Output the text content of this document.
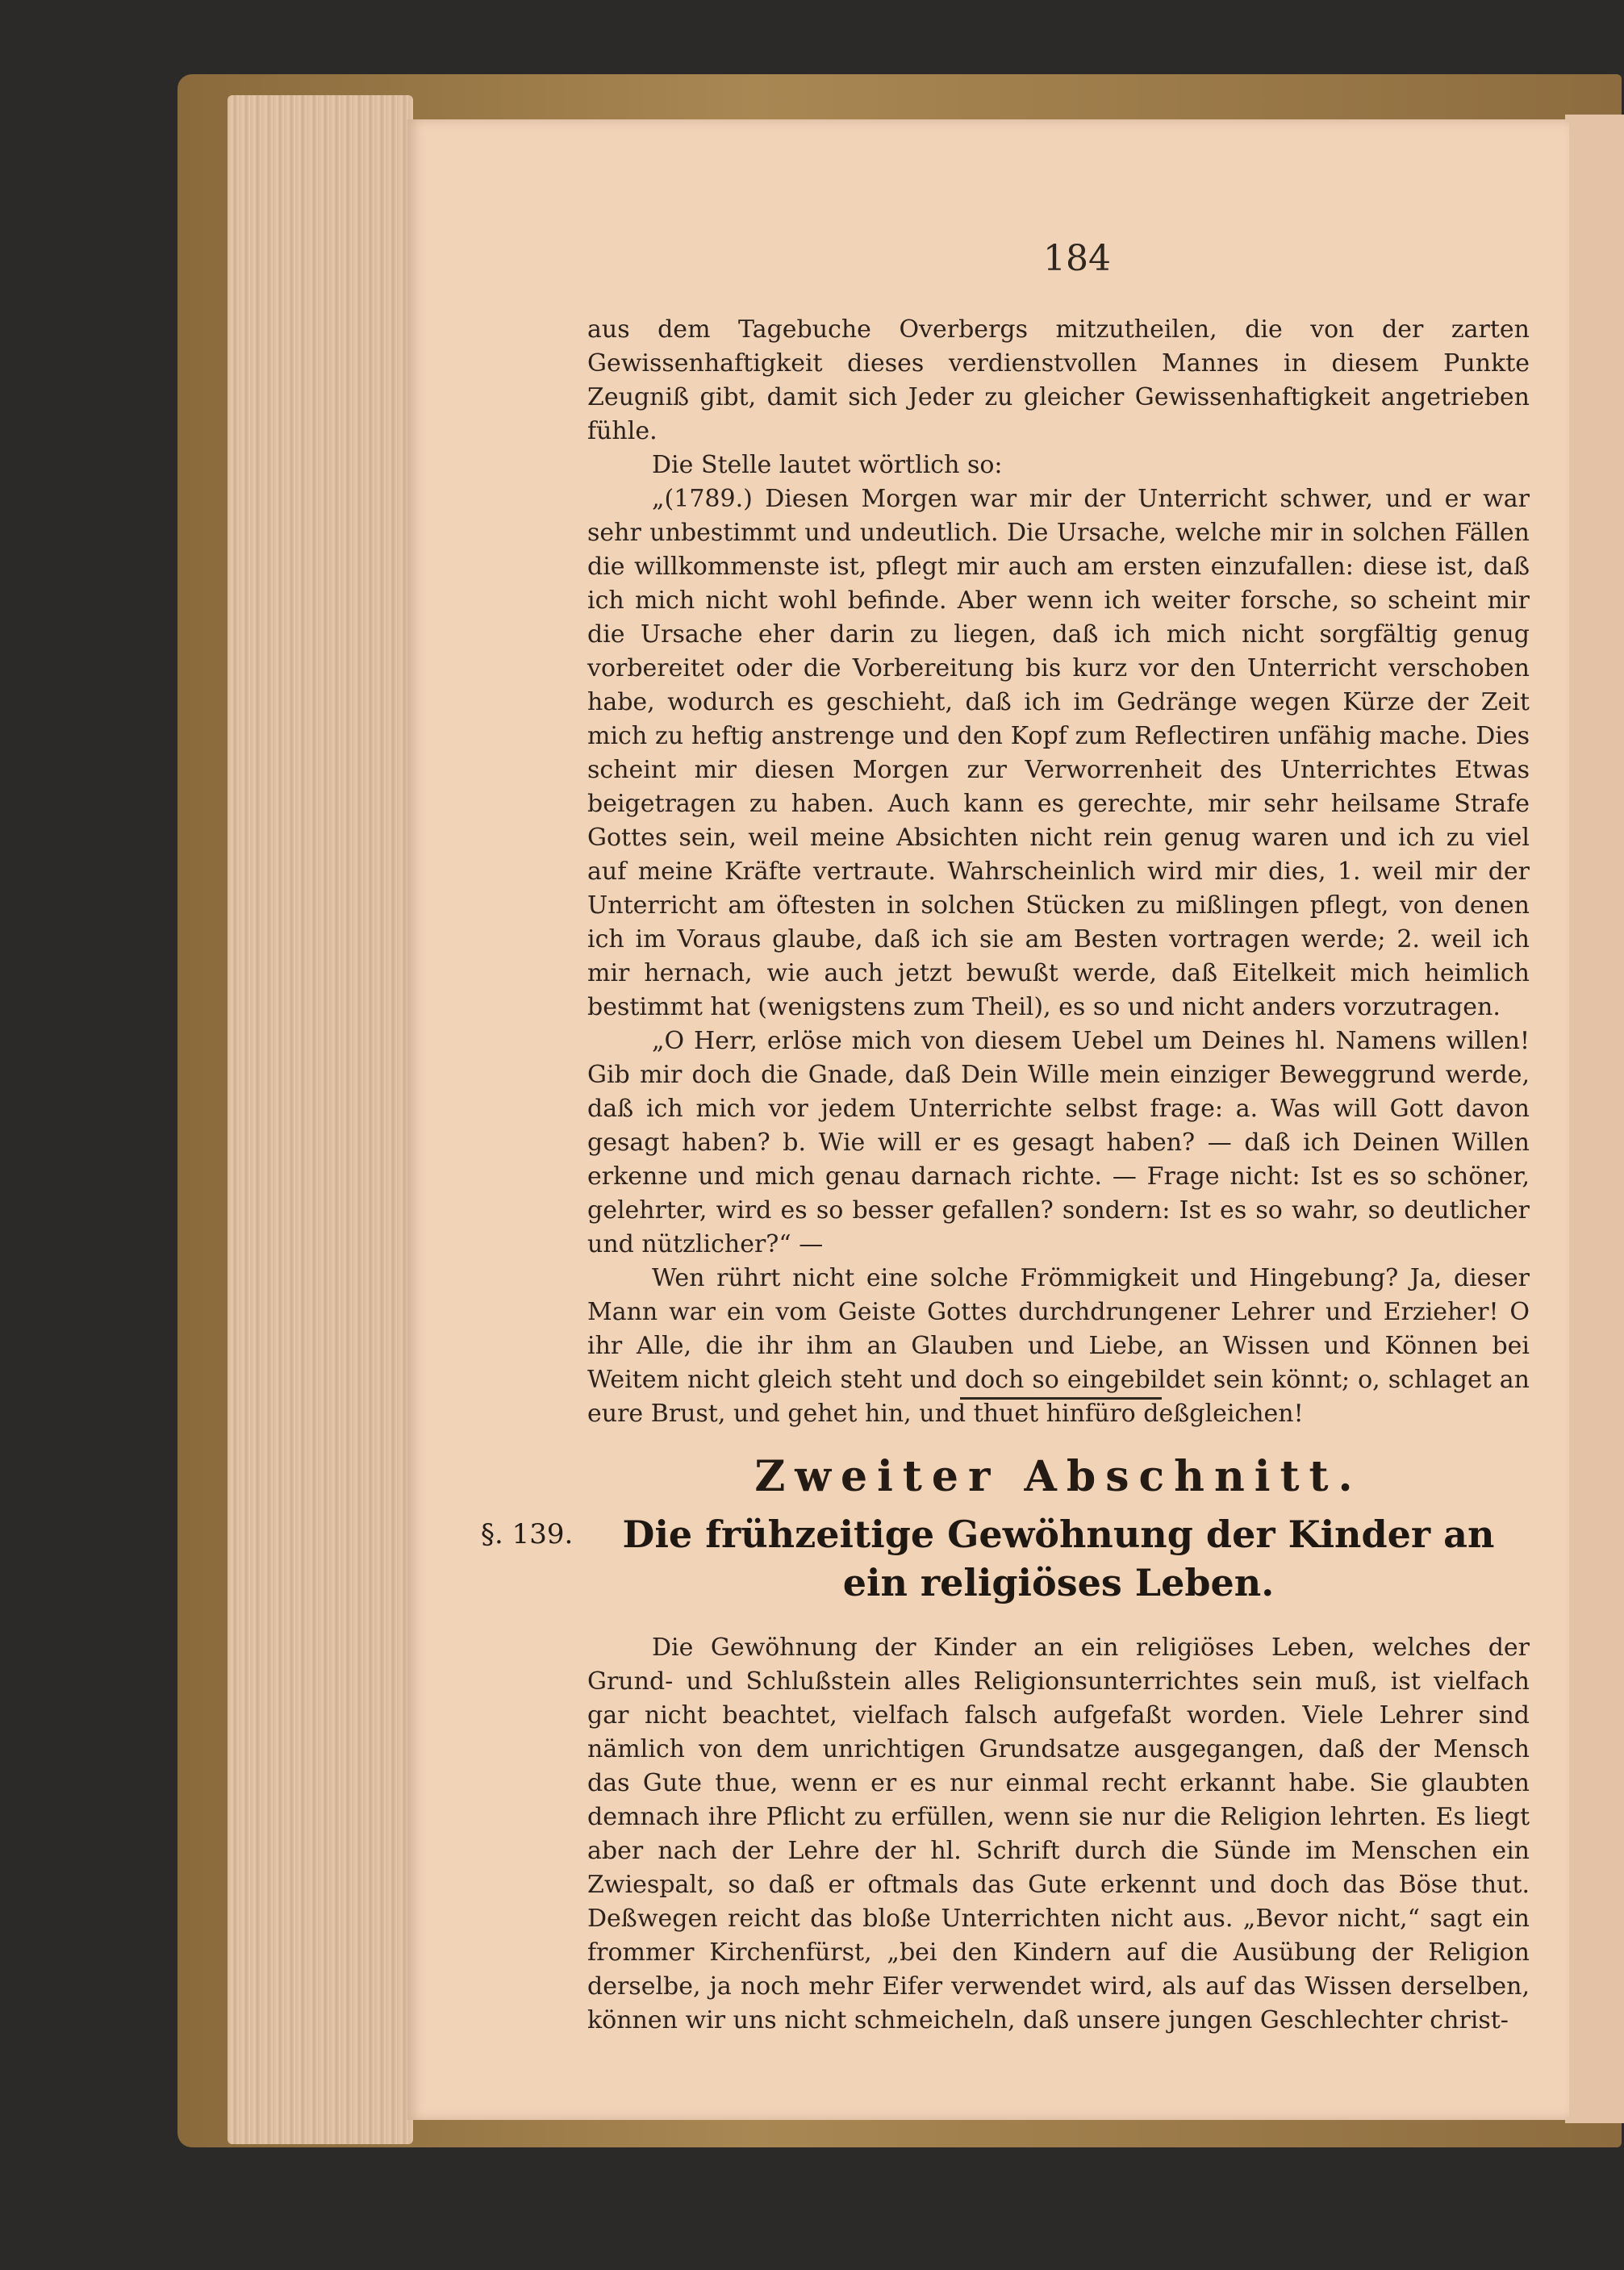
184

aus dem Tagebuche Overbergs mitzutheilen, die von der zarten Gewissenhaftigkeit dieses verdienstvollen Mannes in diesem Punkte Zeugniß gibt, damit sich Jeder zu gleicher Gewissenhaftigkeit angetrieben fühle.

Die Stelle lautet wörtlich so:

„(1789.) Diesen Morgen war mir der Unterricht schwer, und er war sehr unbestimmt und undeutlich. Die Ursache, welche mir in solchen Fällen die willkommenste ist, pflegt mir auch am ersten einzufallen: diese ist, daß ich mich nicht wohl befinde. Aber wenn ich weiter forsche, so scheint mir die Ursache eher darin zu liegen, daß ich mich nicht sorgfältig genug vorbereitet oder die Vorbereitung bis kurz vor den Unterricht verschoben habe, wodurch es geschieht, daß ich im Gedränge wegen Kürze der Zeit mich zu heftig anstrenge und den Kopf zum Reflectiren unfähig mache. Dies scheint mir diesen Morgen zur Verworrenheit des Unterrichtes Etwas beigetragen zu haben. Auch kann es gerechte, mir sehr heilsame Strafe Gottes sein, weil meine Absichten nicht rein genug waren und ich zu viel auf meine Kräfte vertraute. Wahrscheinlich wird mir dies, 1. weil mir der Unterricht am öftesten in solchen Stücken zu mißlingen pflegt, von denen ich im Voraus glaube, daß ich sie am Besten vortragen werde; 2. weil ich mir hernach, wie auch jetzt bewußt werde, daß Eitelkeit mich heimlich bestimmt hat (wenigstens zum Theil), es so und nicht anders vorzutragen.

„O Herr, erlöse mich von diesem Uebel um Deines hl. Namens willen! Gib mir doch die Gnade, daß Dein Wille mein einziger Beweggrund werde, daß ich mich vor jedem Unterrichte selbst frage: a. Was will Gott davon gesagt haben? b. Wie will er es gesagt haben? — daß ich Deinen Willen erkenne und mich genau darnach richte. — Frage nicht: Ist es so schöner, gelehrter, wird es so besser gefallen? sondern: Ist es so wahr, so deutlicher und nützlicher?“ —

Wen rührt nicht eine solche Frömmigkeit und Hingebung? Ja, dieser Mann war ein vom Geiste Gottes durchdrungener Lehrer und Erzieher! O ihr Alle, die ihr ihm an Glauben und Liebe, an Wissen und Können bei Weitem nicht gleich steht und doch so eingebildet sein könnt; o, schlaget an eure Brust, und gehet hin, und thuet hinfüro deßgleichen!

Zweiter Abschnitt.
§. 139.	Die frühzeitige Gewöhnung der Kinder an ein religiöses Leben.

Die Gewöhnung der Kinder an ein religiöses Leben, welches der Grund- und Schlußstein alles Religionsunterrichtes sein muß, ist vielfach gar nicht beachtet, vielfach falsch aufgefaßt worden. Viele Lehrer sind nämlich von dem unrichtigen Grundsatze ausgegangen, daß der Mensch das Gute thue, wenn er es nur einmal recht erkannt habe. Sie glaubten demnach ihre Pflicht zu erfüllen, wenn sie nur die Religion lehrten. Es liegt aber nach der Lehre der hl. Schrift durch die Sünde im Menschen ein Zwiespalt, so daß er oftmals das Gute erkennt und doch das Böse thut. Deßwegen reicht das bloße Unterrichten nicht aus. „Bevor nicht,“ sagt ein frommer Kirchenfürst, „bei den Kindern auf die Ausübung der Religion derselbe, ja noch mehr Eifer verwendet wird, als auf das Wissen derselben, können wir uns nicht schmeicheln, daß unsere jungen Geschlechter christ-
